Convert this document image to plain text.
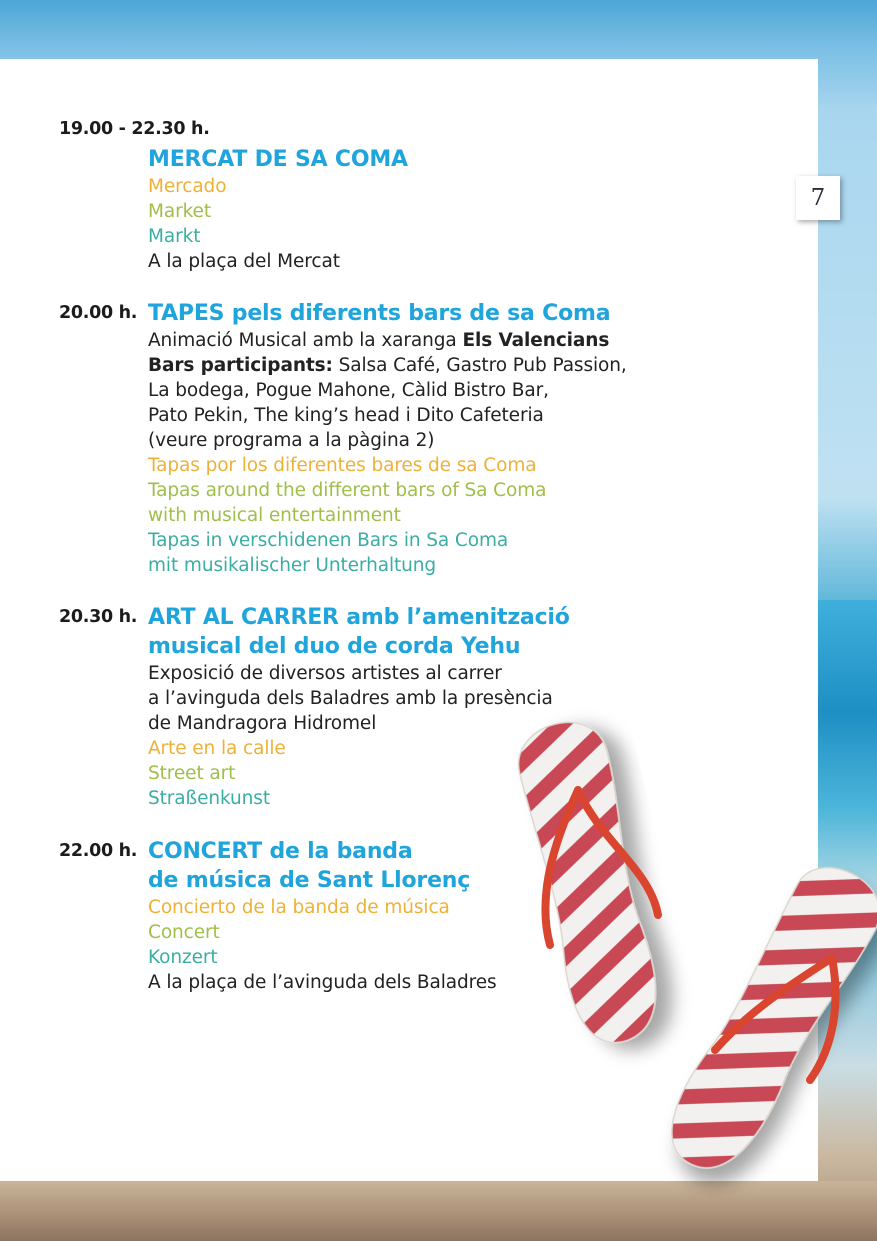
7
19.00 - 22.30 h.
MERCAT DE SA COMA
Mercado
Market
Markt
A la plaça del Mercat
20.00 h. TAPES pels diferents bars de sa Coma
Animació Musical amb la xaranga Els Valencians
Bars participants: Salsa Café, Gastro Pub Passion,
La bodega, Pogue Mahone, Càlid Bistro Bar,
Pato Pekin, The king’s head i Dito Cafeteria
(veure programa a la pàgina 2)
Tapas por los diferentes bares de sa Coma
Tapas around the different bars of Sa Coma
with musical entertainment
Tapas in verschidenen Bars in Sa Coma
mit musikalischer Unterhaltung
20.30 h. ART AL CARRER amb l’amenització
musical del duo de corda Yehu
Exposició de diversos artistes al carrer
a l’avinguda dels Baladres amb la presència
de Mandragora Hidromel
Arte en la calle
Street art
Straßenkunst
22.00 h. CONCERT de la banda
de música de Sant Llorenç
Concierto de la banda de música
Concert
Konzert
A la plaça de l’avinguda dels Baladres
